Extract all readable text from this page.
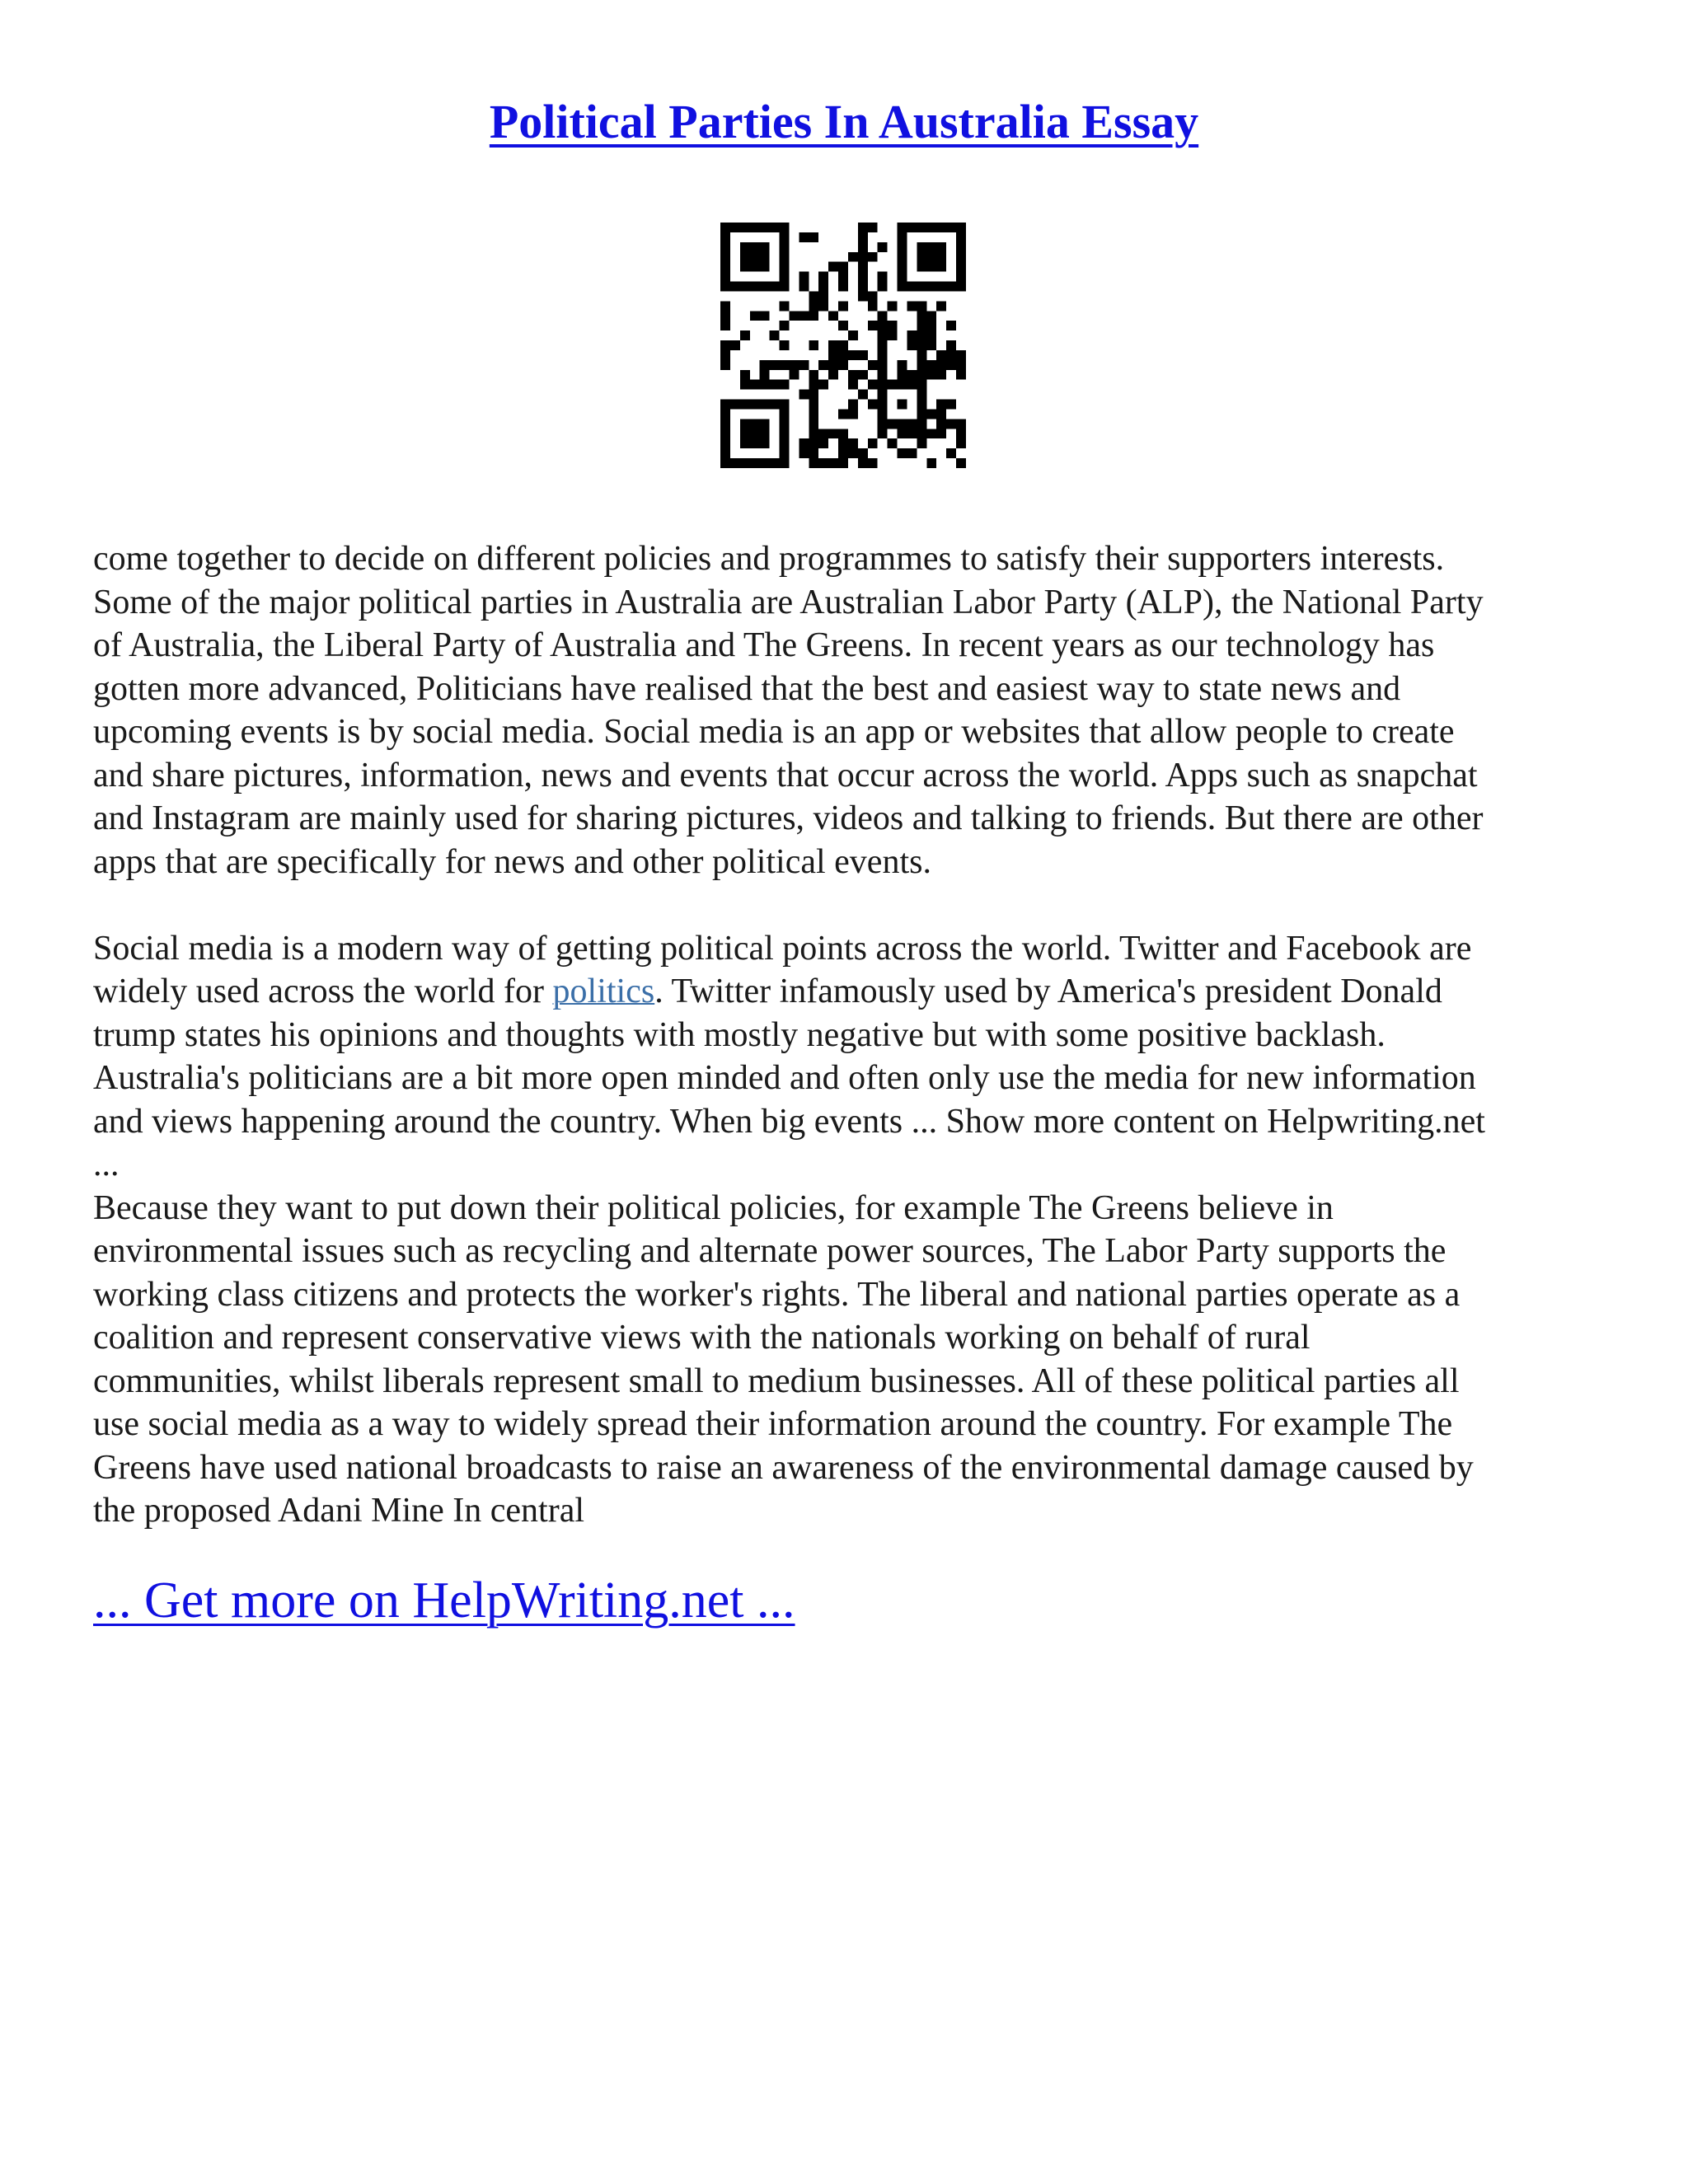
Political Parties In Australia Essay

come together to decide on different policies and programmes to satisfy their supporters interests.
Some of the major political parties in Australia are Australian Labor Party (ALP), the National Party
of Australia, the Liberal Party of Australia and The Greens. In recent years as our technology has
gotten more advanced, Politicians have realised that the best and easiest way to state news and
upcoming events is by social media. Social media is an app or websites that allow people to create
and share pictures, information, news and events that occur across the world. Apps such as snapchat
and Instagram are mainly used for sharing pictures, videos and talking to friends. But there are other
apps that are specifically for news and other political events.

Social media is a modern way of getting political points across the world. Twitter and Facebook are
widely used across the world for politics. Twitter infamously used by America's president Donald
trump states his opinions and thoughts with mostly negative but with some positive backlash.
Australia's politicians are a bit more open minded and often only use the media for new information
and views happening around the country. When big events ... Show more content on Helpwriting.net
...

Because they want to put down their political policies, for example The Greens believe in
environmental issues such as recycling and alternate power sources, The Labor Party supports the
working class citizens and protects the worker's rights. The liberal and national parties operate as a
coalition and represent conservative views with the nationals working on behalf of rural
communities, whilst liberals represent small to medium businesses. All of these political parties all
use social media as a way to widely spread their information around the country. For example The
Greens have used national broadcasts to raise an awareness of the environmental damage caused by
the proposed Adani Mine In central

... Get more on HelpWriting.net ...
